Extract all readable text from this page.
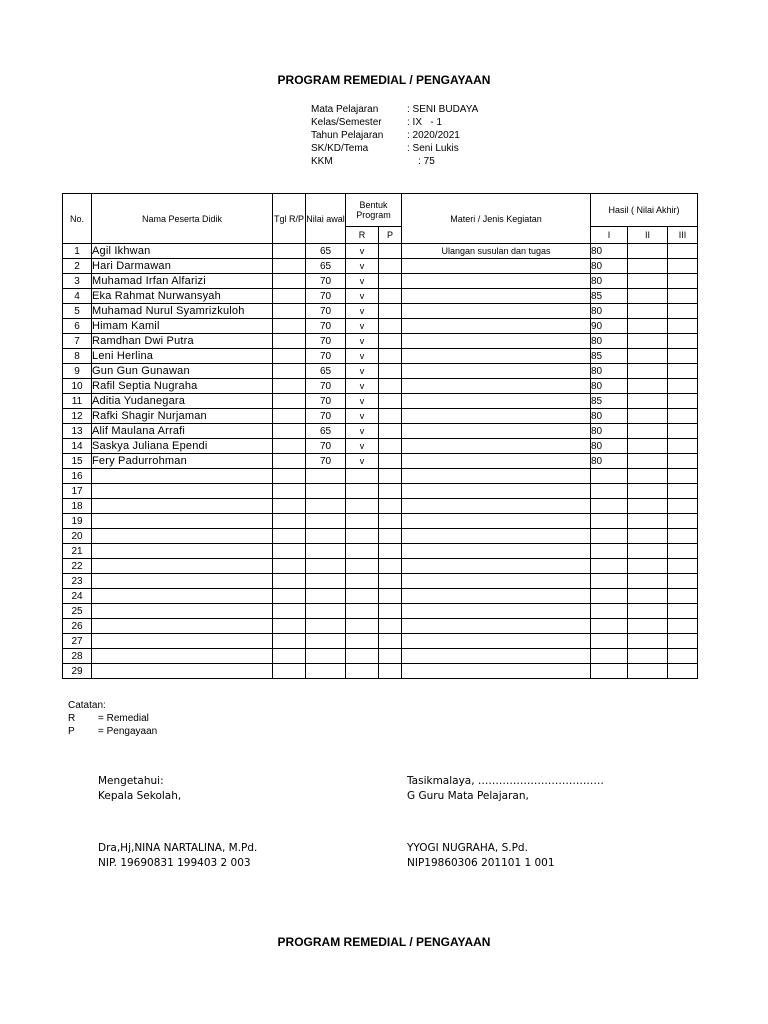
PROGRAM REMEDIAL / PENGAYAAN
Mata Pelajaran	: SENI BUDAYA
Kelas/Semester	: IX   - 1
Tahun Pelajaran : 2020/2021
SK/KD/Tema	: Seni Lukis
KKM	: 75
No.	Nama Peserta Didik	Tgl R/P	Nilai awal	Bentuk Program		Materi / Jenis Kegiatan	Hasil ( Nilai Akhir)		
				R	P		I	II	III
1	Agil Ikhwan		65	v		Ulangan susulan dan tugas	80		
2	Hari Darmawan		65	v			80		
3	Muhamad Irfan Alfarizi		70	v			80		
4	Eka Rahmat Nurwansyah		70	v			85		
5	Muhamad Nurul Syamrizkuloh		70	v			80		
6	Himam Kamil		70	v			90		
7	Ramdhan Dwi Putra		70	v			80		
8	Leni Herlina		70	v			85		
9	Gun Gun Gunawan		65	v			80		
10	Rafil Septia Nugraha		70	v			80		
11	Aditia Yudanegara		70	v			85		
12	Rafki Shagir Nurjaman		70	v			80		
13	Alif Maulana Arrafi		65	v			80		
14	Saskya Juliana Ependi		70	v			80		
15	Fery Padurrohman		70	v			80		
16									
17									
18									
19									
20									
21									
22									
23									
24									
25									
26									
27									
28									
29									
Catatan:
R = Remedial
P = Pengayaan
Mengetahui:
Kepala Sekolah,
Dra,Hj,NINA NARTALINA, M.Pd.
NIP. 19690831 199403 2 003
Tasikmalaya, ………………………………
G Guru Mata Pelajaran,
YYOGI NUGRAHA, S.Pd.
NIP19860306 201101 1 001
PROGRAM REMEDIAL / PENGAYAAN
